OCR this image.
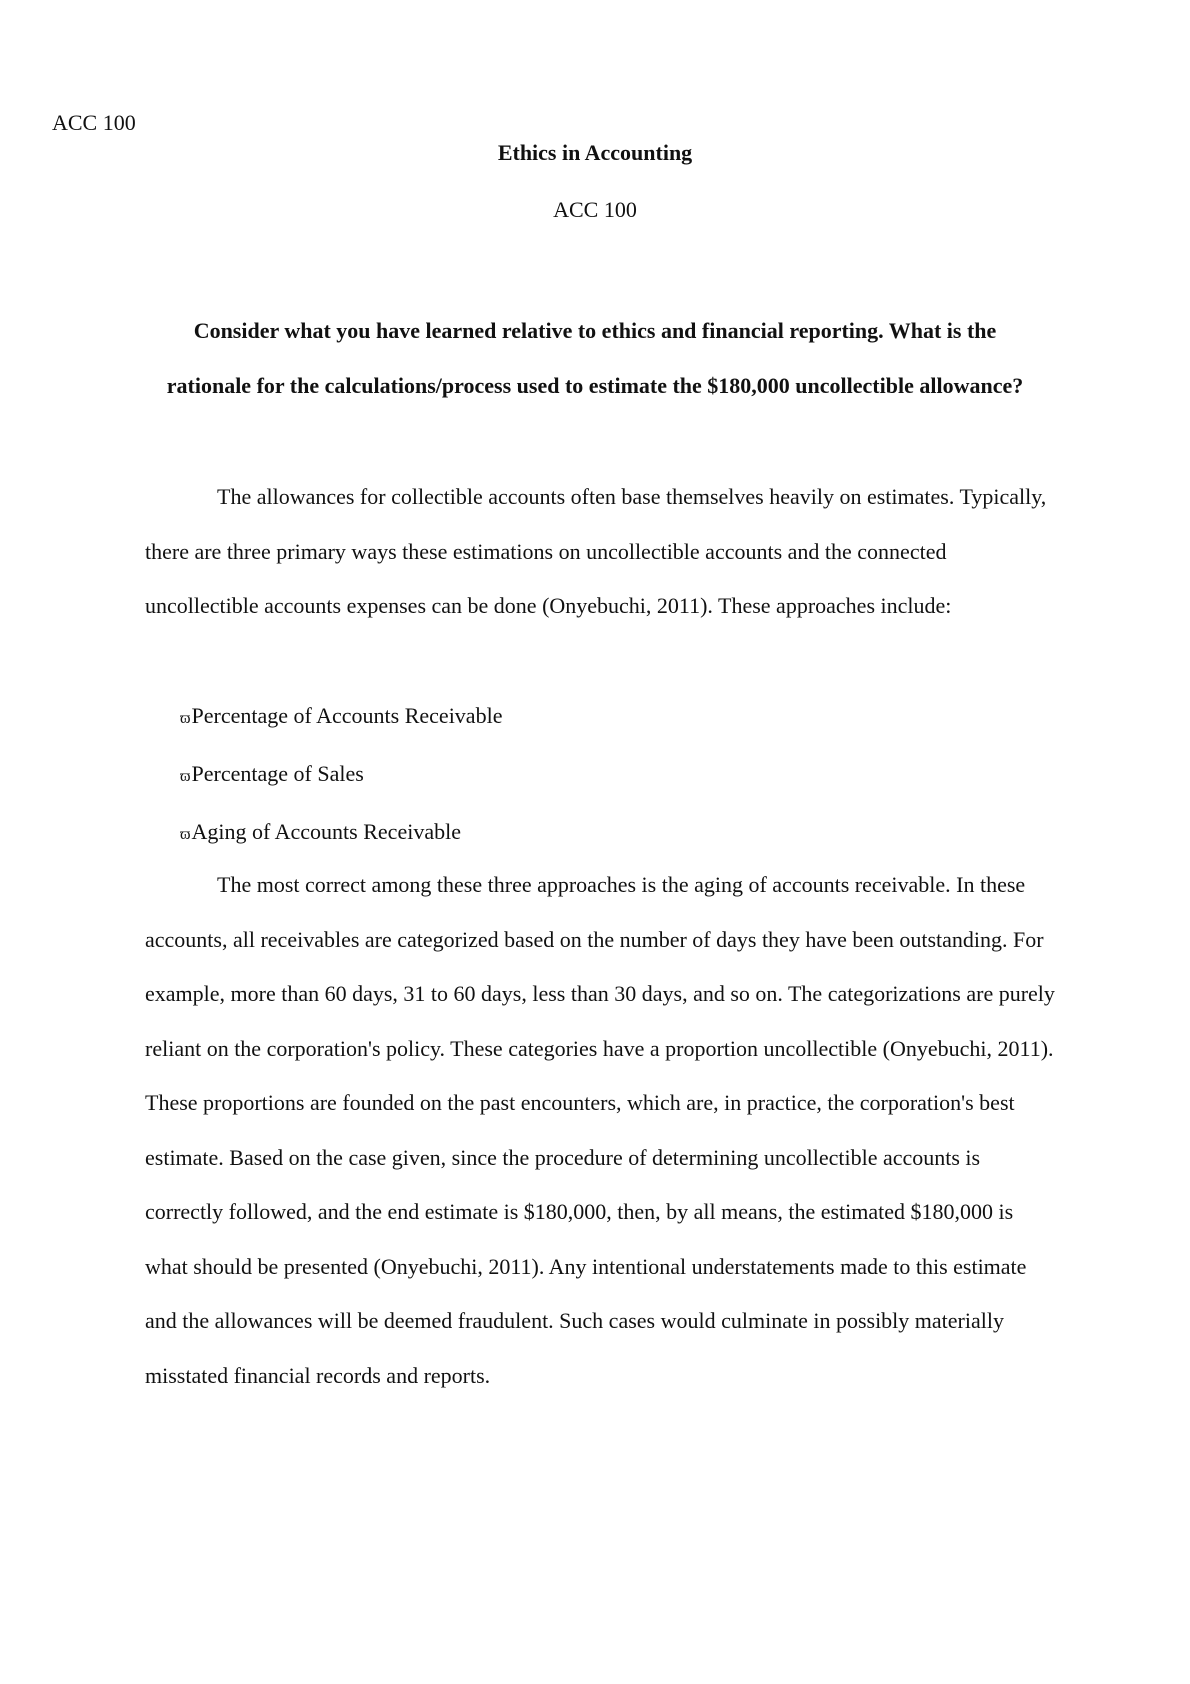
ACC 100
Ethics in Accounting
ACC 100
Consider what you have learned relative to ethics and financial reporting. What is the rationale for the calculations/process used to estimate the $180,000 uncollectible allowance?

The allowances for collectible accounts often base themselves heavily on estimates. Typically, there are three primary ways these estimations on uncollectible accounts and the connected uncollectible accounts expenses can be done (Onyebuchi, 2011). These approaches include:

ϖPercentage of Accounts Receivable
ϖPercentage of Sales
ϖAging of Accounts Receivable

The most correct among these three approaches is the aging of accounts receivable. In these accounts, all receivables are categorized based on the number of days they have been outstanding. For example, more than 60 days, 31 to 60 days, less than 30 days, and so on. The categorizations are purely reliant on the corporation's policy. These categories have a proportion uncollectible (Onyebuchi, 2011). These proportions are founded on the past encounters, which are, in practice, the corporation's best estimate. Based on the case given, since the procedure of determining uncollectible accounts is correctly followed, and the end estimate is $180,000, then, by all means, the estimated $180,000 is what should be presented (Onyebuchi, 2011). Any intentional understatements made to this estimate and the allowances will be deemed fraudulent. Such cases would culminate in possibly materially misstated financial records and reports.
